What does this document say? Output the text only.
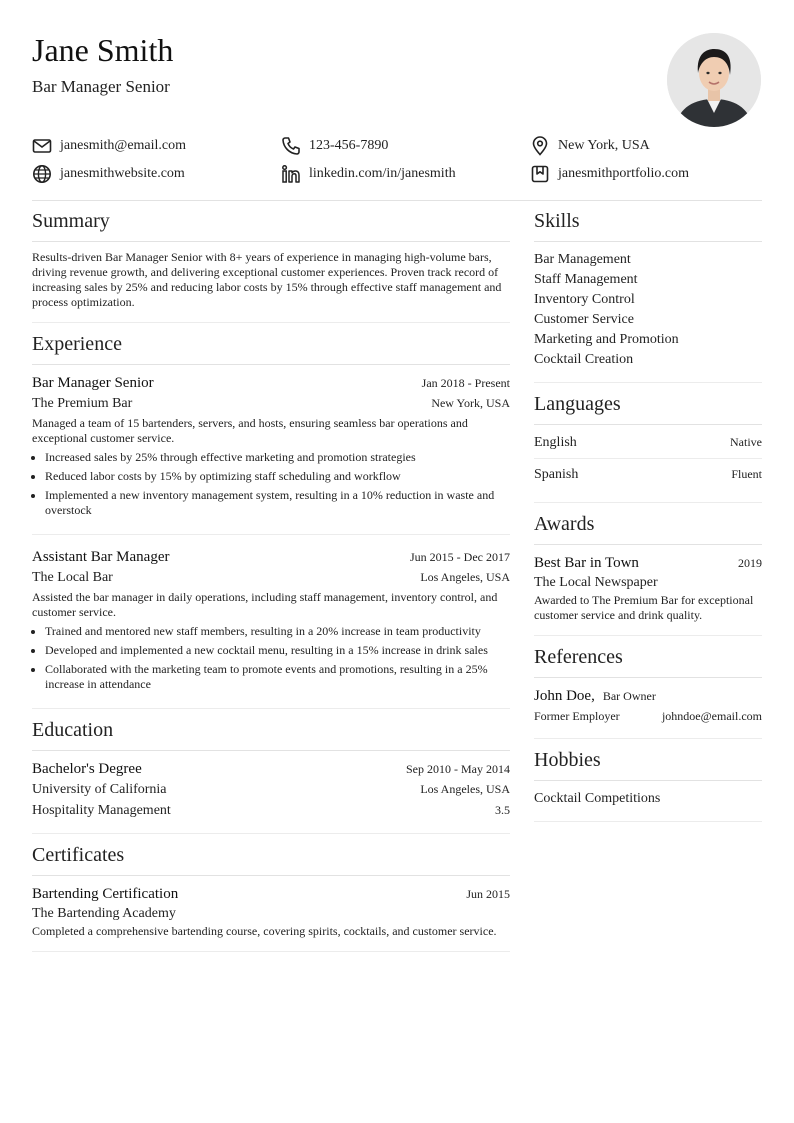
Jane Smith
Bar Manager Senior
janesmith@email.com	123-456-7890	New York, USA
janesmithwebsite.com	linkedin.com/in/janesmith	janesmithportfolio.com
Summary
Results-driven Bar Manager Senior with 8+ years of experience in managing high-volume bars, driving revenue growth, and delivering exceptional customer experiences. Proven track record of increasing sales by 25% and reducing labor costs by 15% through effective staff management and process optimization.
Experience
Bar Manager Senior	Jan 2018 - Present
The Premium Bar	New York, USA
Managed a team of 15 bartenders, servers, and hosts, ensuring seamless bar operations and exceptional customer service.
• Increased sales by 25% through effective marketing and promotion strategies
• Reduced labor costs by 15% by optimizing staff scheduling and workflow
• Implemented a new inventory management system, resulting in a 10% reduction in waste and overstock
Assistant Bar Manager	Jun 2015 - Dec 2017
The Local Bar	Los Angeles, USA
Assisted the bar manager in daily operations, including staff management, inventory control, and customer service.
• Trained and mentored new staff members, resulting in a 20% increase in team productivity
• Developed and implemented a new cocktail menu, resulting in a 15% increase in drink sales
• Collaborated with the marketing team to promote events and promotions, resulting in a 25% increase in attendance
Education
Bachelor's Degree	Sep 2010 - May 2014
University of California	Los Angeles, USA
Hospitality Management	3.5
Certificates
Bartending Certification	Jun 2015
The Bartending Academy
Completed a comprehensive bartending course, covering spirits, cocktails, and customer service.
Skills
Bar Management
Staff Management
Inventory Control
Customer Service
Marketing and Promotion
Cocktail Creation
Languages
English	Native
Spanish	Fluent
Awards
Best Bar in Town	2019
The Local Newspaper
Awarded to The Premium Bar for exceptional customer service and drink quality.
References
John Doe, Bar Owner
Former Employer	johndoe@email.com
Hobbies
Cocktail Competitions
